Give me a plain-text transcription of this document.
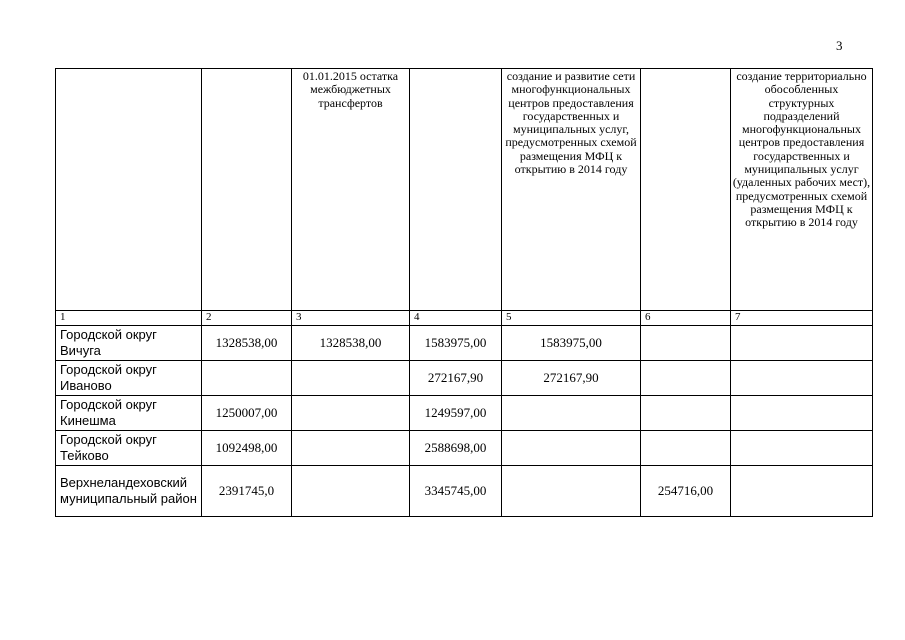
3
		01.01.2015 остатка межбюджетных трансфертов		создание и развитие сети многофункциональных центров предоставления государственных и муниципальных услуг, предусмотренных схемой размещения МФЦ к открытию в 2014 году		создание территориально обособленных структурных подразделений многофункциональных центров предоставления государственных и муниципальных услуг (удаленных рабочих мест), предусмотренных схемой размещения МФЦ к открытию в 2014 году
1	2	3	4	5	6	7
Городской округ Вичуга	1328538,00	1328538,00	1583975,00	1583975,00		
Городской округ Иваново			272167,90	272167,90		
Городской округ Кинешма	1250007,00		1249597,00			
Городской округ Тейково	1092498,00		2588698,00			
Верхнеландеховский муниципальный район	2391745,0		3345745,00		254716,00	
